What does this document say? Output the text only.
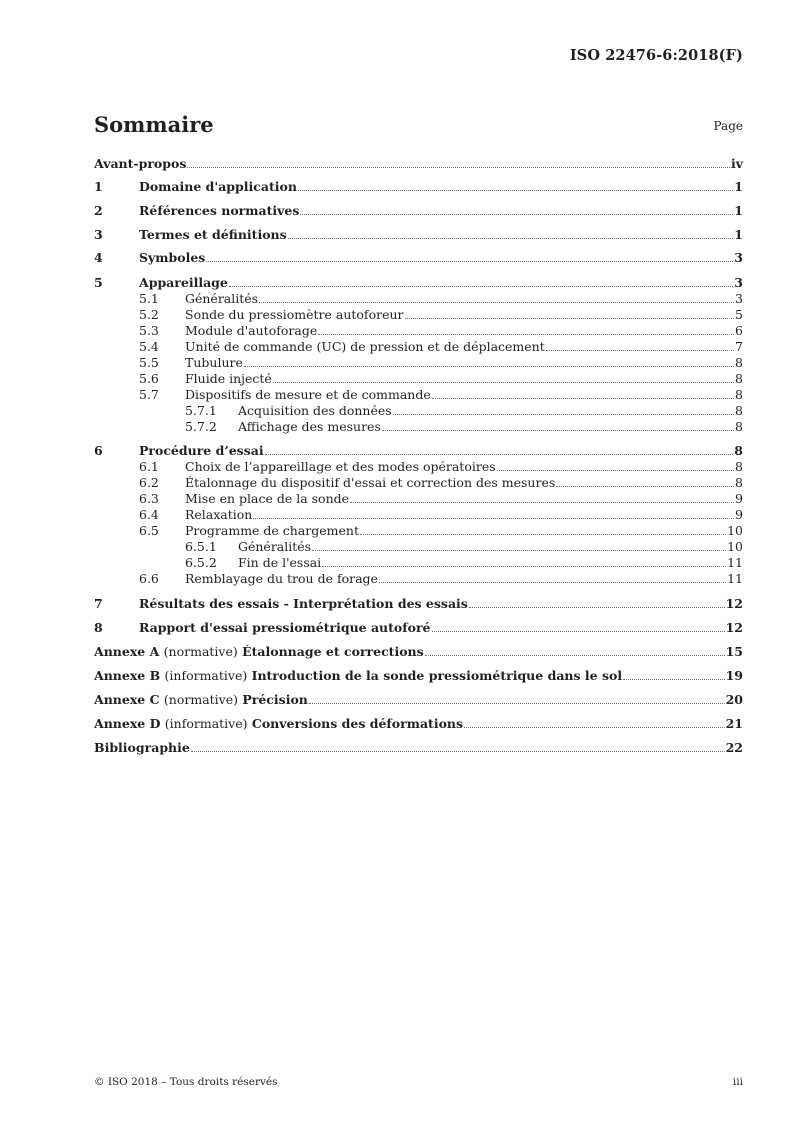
ISO 22476-6:2018(F)
Sommaire	Page
Avant-propos	iv
1	Domaine d'application	1
2	Références normatives	1
3	Termes et définitions	1
4	Symboles	3
5	Appareillage	3
5.1	Généralités	3
5.2	Sonde du pressiomètre autoforeur	5
5.3	Module d'autoforage	6
5.4	Unité de commande (UC) de pression et de déplacement	7
5.5	Tubulure	8
5.6	Fluide injecté	8
5.7	Dispositifs de mesure et de commande	8
5.7.1	Acquisition des données	8
5.7.2	Affichage des mesures	8
6	Procédure d’essai	8
6.1	Choix de l’appareillage et des modes opératoires	8
6.2	Étalonnage du dispositif d'essai et correction des mesures	8
6.3	Mise en place de la sonde	9
6.4	Relaxation	9
6.5	Programme de chargement	10
6.5.1	Généralités	10
6.5.2	Fin de l'essai	11
6.6	Remblayage du trou de forage	11
7	Résultats des essais - Interprétation des essais	12
8	Rapport d'essai pressiométrique autoforé	12
Annexe A (normative) Étalonnage et corrections	15
Annexe B (informative) Introduction de la sonde pressiométrique dans le sol	19
Annexe C (normative) Précision	20
Annexe D (informative) Conversions des déformations	21
Bibliographie	22
© ISO 2018 – Tous droits réservés	iii
